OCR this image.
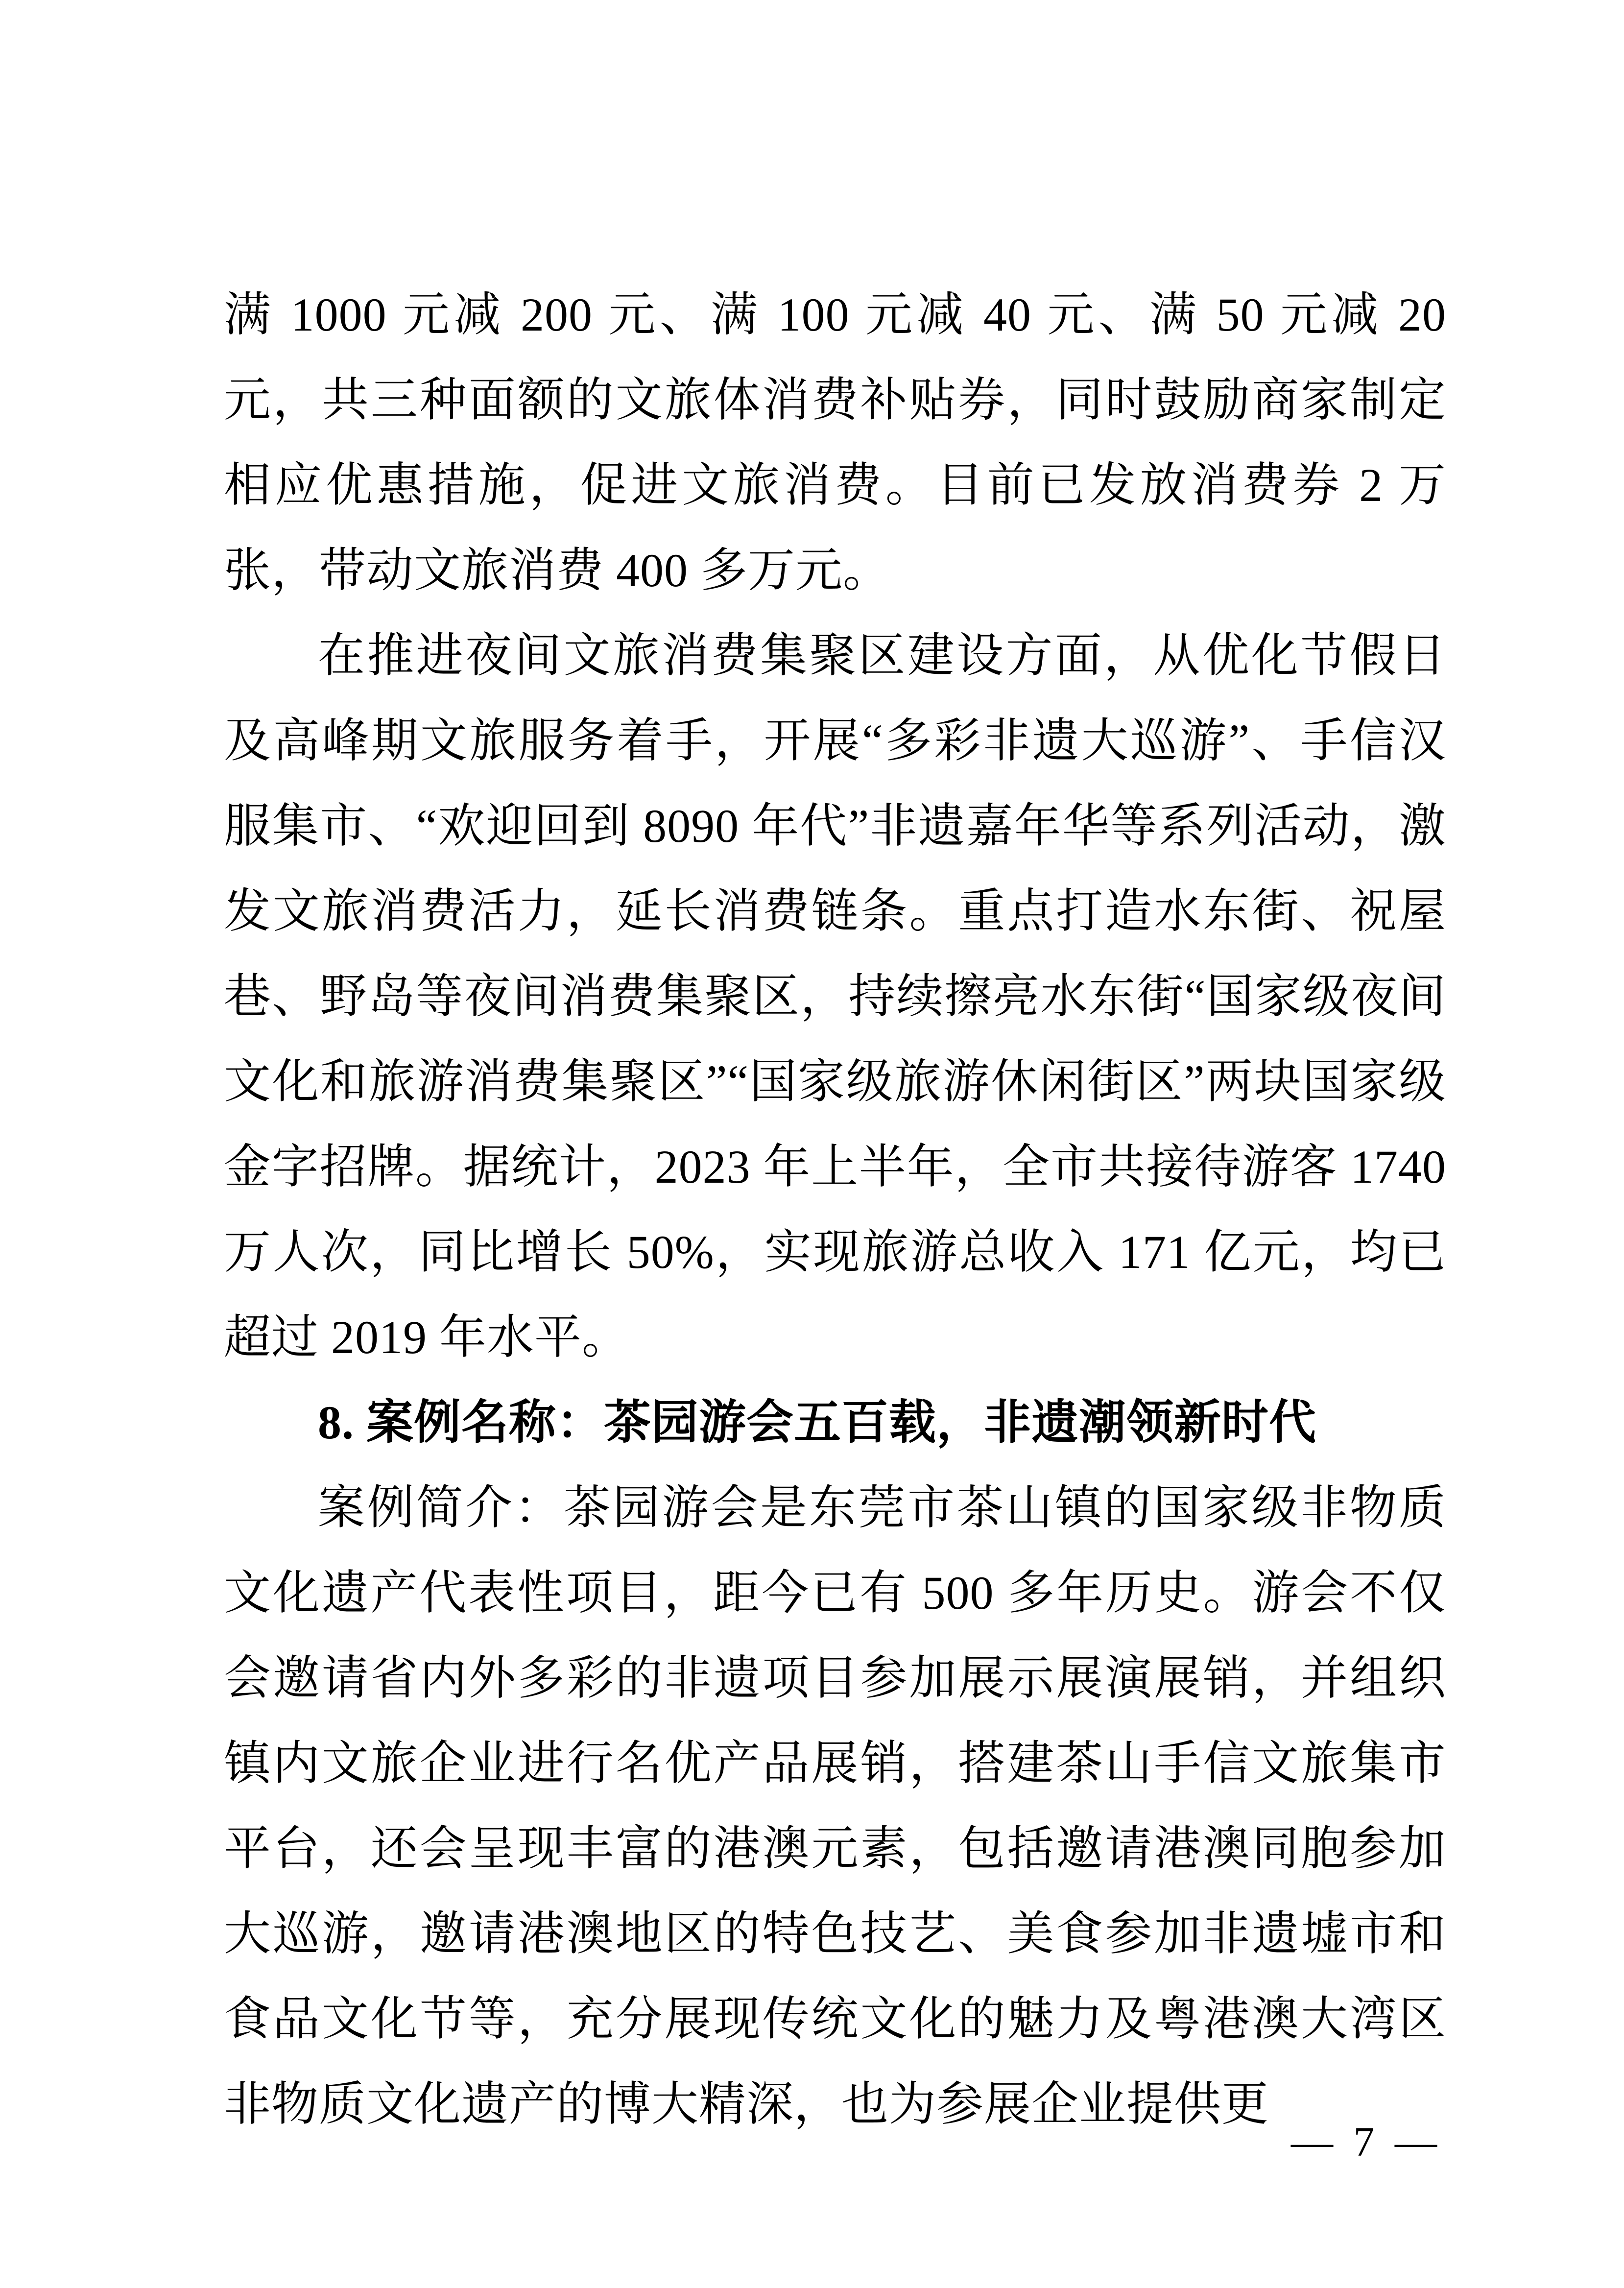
满 1000 元减 200 元、满 100 元减 40 元、满 50 元减 20 元，共三种面额的文旅体消费补贴券，同时鼓励商家制定相应优惠措施，促进文旅消费。目前已发放消费券 2 万张，带动文旅消费 400 多万元。

在推进夜间文旅消费集聚区建设方面，从优化节假日及高峰期文旅服务着手，开展“多彩非遗大巡游”、手信汉服集市、“欢迎回到 8090 年代”非遗嘉年华等系列活动，激发文旅消费活力，延长消费链条。重点打造水东街、祝屋巷、野岛等夜间消费集聚区，持续擦亮水东街“国家级夜间文化和旅游消费集聚区”“国家级旅游休闲街区”两块国家级金字招牌。据统计，2023 年上半年，全市共接待游客 1740 万人次，同比增长 50%，实现旅游总收入 171 亿元，均已超过 2019 年水平。

8. 案例名称：茶园游会五百载，非遗潮领新时代

案例简介：茶园游会是东莞市茶山镇的国家级非物质文化遗产代表性项目，距今已有 500 多年历史。游会不仅会邀请省内外多彩的非遗项目参加展示展演展销，并组织镇内文旅企业进行名优产品展销，搭建茶山手信文旅集市平台，还会呈现丰富的港澳元素，包括邀请港澳同胞参加大巡游，邀请港澳地区的特色技艺、美食参加非遗墟市和食品文化节等，充分展现传统文化的魅力及粤港澳大湾区非物质文化遗产的博大精深，也为参展企业提供更

— 7 —
